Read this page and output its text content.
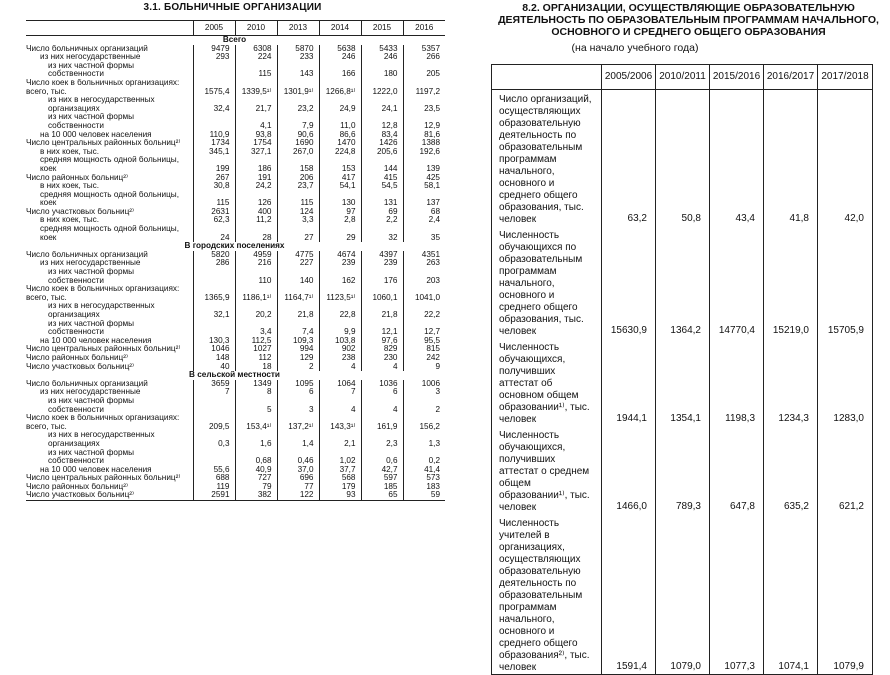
3.1. БОЛЬНИЧНЫЕ ОРГАНИЗАЦИИ
	2005	2010	2013	2014	2015	2016
Всего						
Число больничных организаций	9479	6308	5870	5638	5433	5357
из них негосударственные	293	224	233	246	246	266
из них частной формы собственности		115	143	166	180	205
Число коек в больничных организациях: всего, тыс.	1575,4	1339,5¹⁾	1301,9¹⁾	1266,8¹⁾	1222,0	1197,2
из них в негосударственных организациях	32,4	21,7	23,2	24,9	24,1	23,5
из них частной формы собственности		4,1	7,9	11,0	12,8	12,9
на 10 000 человек населения	110,9	93,8	90,6	86,6	83,4	81,6
Число центральных районных больниц²⁾	1734	1754	1690	1470	1426	1388
в них коек, тыс.	345,1	327,1	267,0	224,8	205,6	192,6
средняя мощность одной больницы, коек	199	186	158	153	144	139
Число районных больниц²⁾	267	191	206	417	415	425
в них коек, тыс.	30,8	24,2	23,7	54,1	54,5	58,1
средняя мощность одной больницы, коек	115	126	115	130	131	137
Число участковых больниц²⁾	2631	400	124	97	69	68
в них коек, тыс.	62,3	11,2	3,3	2,8	2,2	2,4
средняя мощность одной больницы, коек	24	28	27	29	32	35
В городских поселениях						
Число больничных организаций	5820	4959	4775	4674	4397	4351
из них негосударственные	286	216	227	239	239	263
из них частной формы собственности		110	140	162	176	203
Число коек в больничных организациях: всего, тыс.	1365,9	1186,1¹⁾	1164,7¹⁾	1123,5¹⁾	1060,1	1041,0
из них в негосударственных организациях	32,1	20,2	21,8	22,8	21,8	22,2
из них частной формы собственности		3,4	7,4	9,9	12,1	12,7
на 10 000 человек населения	130,3	112,5	109,3	103,8	97,6	95,5
Число центральных районных больниц²⁾	1046	1027	994	902	829	815
Число районных больниц²⁾	148	112	129	238	230	242
Число участковых больниц²⁾	40	18	2	4	4	9
В сельской местности						
Число больничных организаций	3659	1349	1095	1064	1036	1006
из них негосударственные	7	8	6	7	6	3
из них частной формы собственности		5	3	4	4	2
Число коек в больничных организациях: всего, тыс.	209,5	153,4¹⁾	137,2¹⁾	143,3¹⁾	161,9	156,2
из них в негосударственных организациях	0,3	1,6	1,4	2,1	2,3	1,3
из них частной формы собственности		0,68	0,46	1,02	0,6	0,2
на 10 000 человек населения	55,6	40,9	37,0	37,7	42,7	41,4
Число центральных районных больниц²⁾	688	727	696	568	597	573
Число районных больниц²⁾	119	79	77	179	185	183
Число участковых больниц²⁾	2591	382	122	93	65	59
8.2. ОРГАНИЗАЦИИ, ОСУЩЕСТВЛЯЮЩИЕ ОБРАЗОВАТЕЛЬНУЮ ДЕЯТЕЛЬНОСТЬ ПО ОБРАЗОВАТЕЛЬНЫМ ПРОГРАММАМ НАЧАЛЬНОГО, ОСНОВНОГО И СРЕДНЕГО ОБЩЕГО ОБРАЗОВАНИЯ
(на начало учебного года)
	2005/2006	2010/2011	2015/2016	2016/2017	2017/2018
Число организаций, осуществляющих образовательную деятельность по образовательным программам начального, основного и среднего общего образования, тыс. человек	63,2	50,8	43,4	41,8	42,0
Численность обучающихся по образовательным программам начального, основного и среднего общего образования, тыс. человек	15630,9	1364,2	14770,4	15219,0	15705,9
Численность обучающихся, получивших аттестат об основном общем образовании¹⁾, тыс. человек	1944,1	1354,1	1198,3	1234,3	1283,0
Численность обучающихся, получивших аттестат о среднем общем образовании¹⁾, тыс. человек	1466,0	789,3	647,8	635,2	621,2
Численность учителей в организациях, осуществляющих образовательную деятельность по образовательным программам начального, основного и среднего общего образования²⁾, тыс. человек	1591,4	1079,0	1077,3	1074,1	1079,9
